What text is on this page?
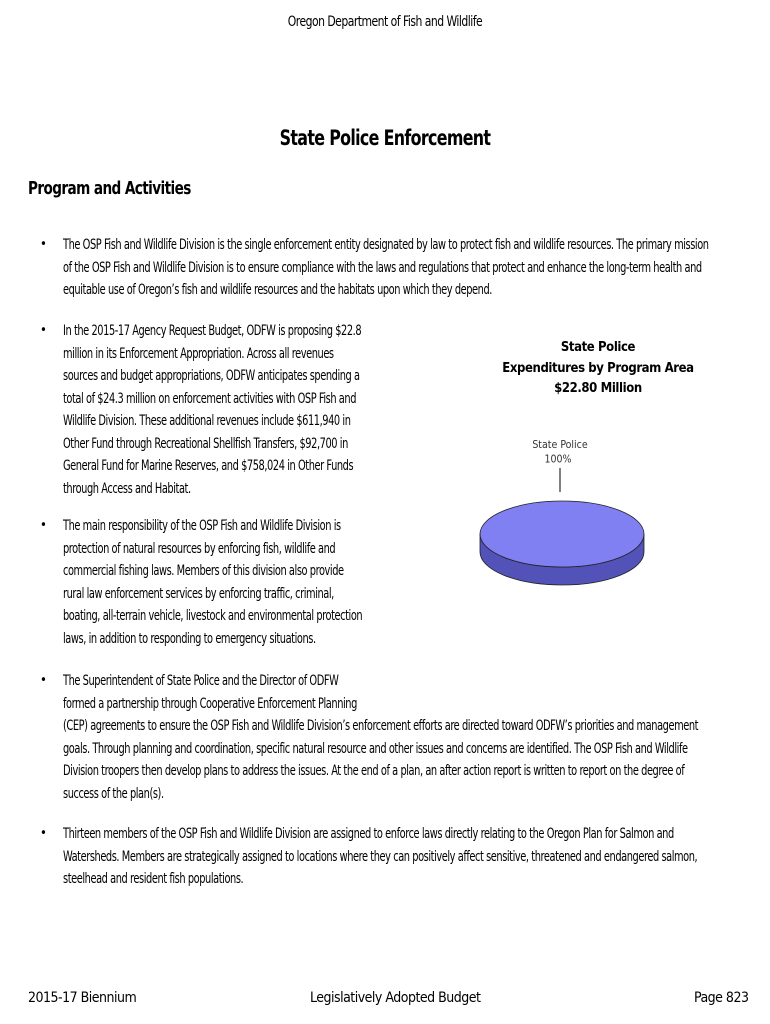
Oregon Department of Fish and Wildlife
State Police Enforcement
Program and Activities
• The OSP Fish and Wildlife Division is the single enforcement entity designated by law to protect fish and wildlife resources. The primary mission
of the OSP Fish and Wildlife Division is to ensure compliance with the laws and regulations that protect and enhance the long-term health and
equitable use of Oregon’s fish and wildlife resources and the habitats upon which they depend.
• In the 2015-17 Agency Request Budget, ODFW is proposing $22.8
million in its Enforcement Appropriation. Across all revenues
sources and budget appropriations, ODFW anticipates spending a
total of $24.3 million on enforcement activities with OSP Fish and
Wildlife Division. These additional revenues include $611,940 in
Other Fund through Recreational Shellfish Transfers, $92,700 in
General Fund for Marine Reserves, and $758,024 in Other Funds
through Access and Habitat.
• The main responsibility of the OSP Fish and Wildlife Division is
protection of natural resources by enforcing fish, wildlife and
commercial fishing laws. Members of this division also provide
rural law enforcement services by enforcing traffic, criminal,
boating, all-terrain vehicle, livestock and environmental protection
laws, in addition to responding to emergency situations.
• The Superintendent of State Police and the Director of ODFW
formed a partnership through Cooperative Enforcement Planning
(CEP) agreements to ensure the OSP Fish and Wildlife Division’s enforcement efforts are directed toward ODFW’s priorities and management
goals. Through planning and coordination, specific natural resource and other issues and concerns are identified. The OSP Fish and Wildlife
Division troopers then develop plans to address the issues. At the end of a plan, an after action report is written to report on the degree of
success of the plan(s).
• Thirteen members of the OSP Fish and Wildlife Division are assigned to enforce laws directly relating to the Oregon Plan for Salmon and
Watersheds. Members are strategically assigned to locations where they can positively affect sensitive, threatened and endangered salmon,
steelhead and resident fish populations.
State Police
Expenditures by Program Area
$22.80 Million
State Police
100%
2015-17 Biennium	Legislatively Adopted Budget	Page 823
